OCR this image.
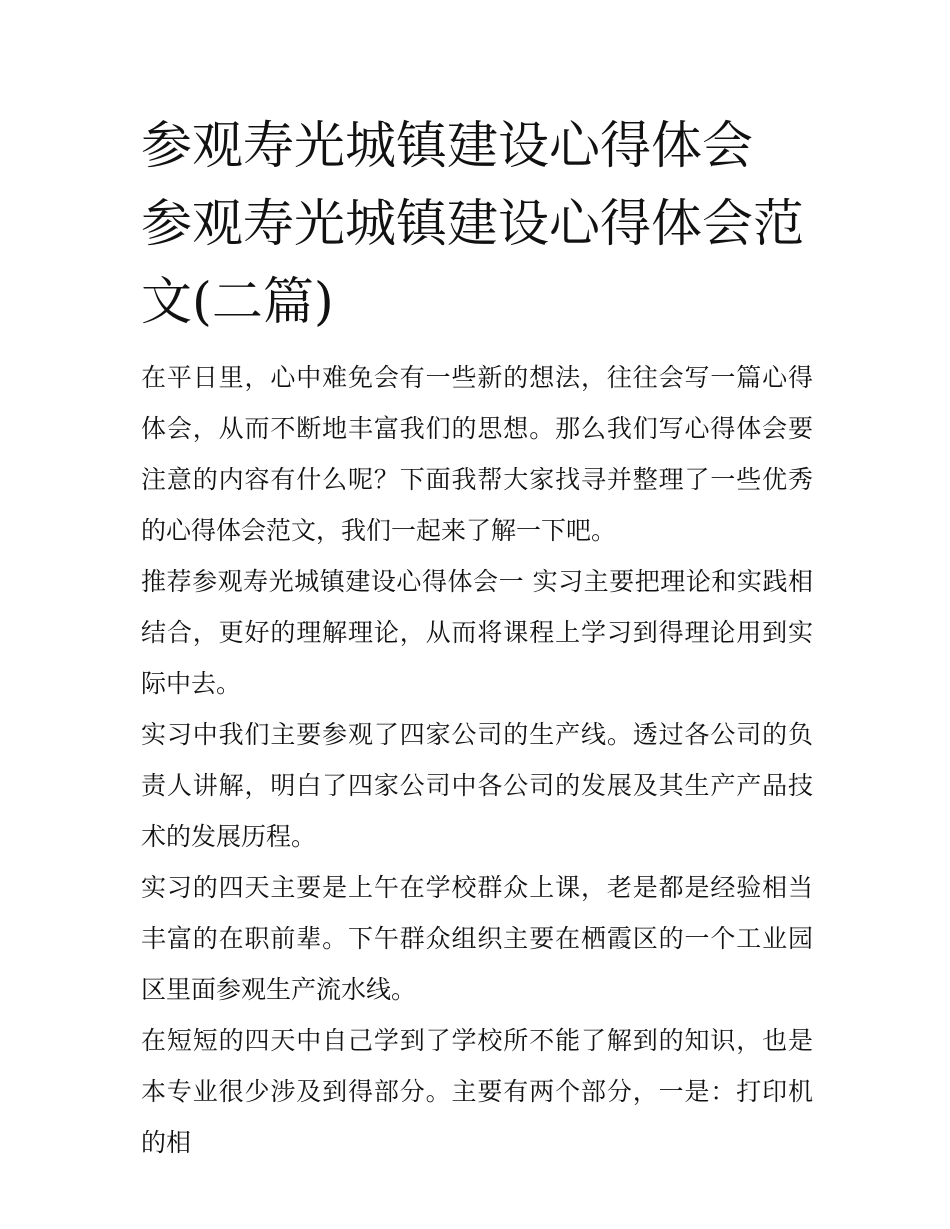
参观寿光城镇建设心得体会 参观寿光城镇建设心得体会范文(二篇)

在平日里，心中难免会有一些新的想法，往往会写一篇心得体会，从而不断地丰富我们的思想。那么我们写心得体会要注意的内容有什么呢？下面我帮大家找寻并整理了一些优秀的心得体会范文，我们一起来了解一下吧。

推荐参观寿光城镇建设心得体会一 实习主要把理论和实践相结合，更好的理解理论，从而将课程上学习到得理论用到实际中去。

实习中我们主要参观了四家公司的生产线。透过各公司的负责人讲解，明白了四家公司中各公司的发展及其生产产品技术的发展历程。

实习的四天主要是上午在学校群众上课，老是都是经验相当丰富的在职前辈。下午群众组织主要在栖霞区的一个工业园区里面参观生产流水线。

在短短的四天中自己学到了学校所不能了解到的知识，也是本专业很少涉及到得部分。主要有两个部分，一是：打印机的相
